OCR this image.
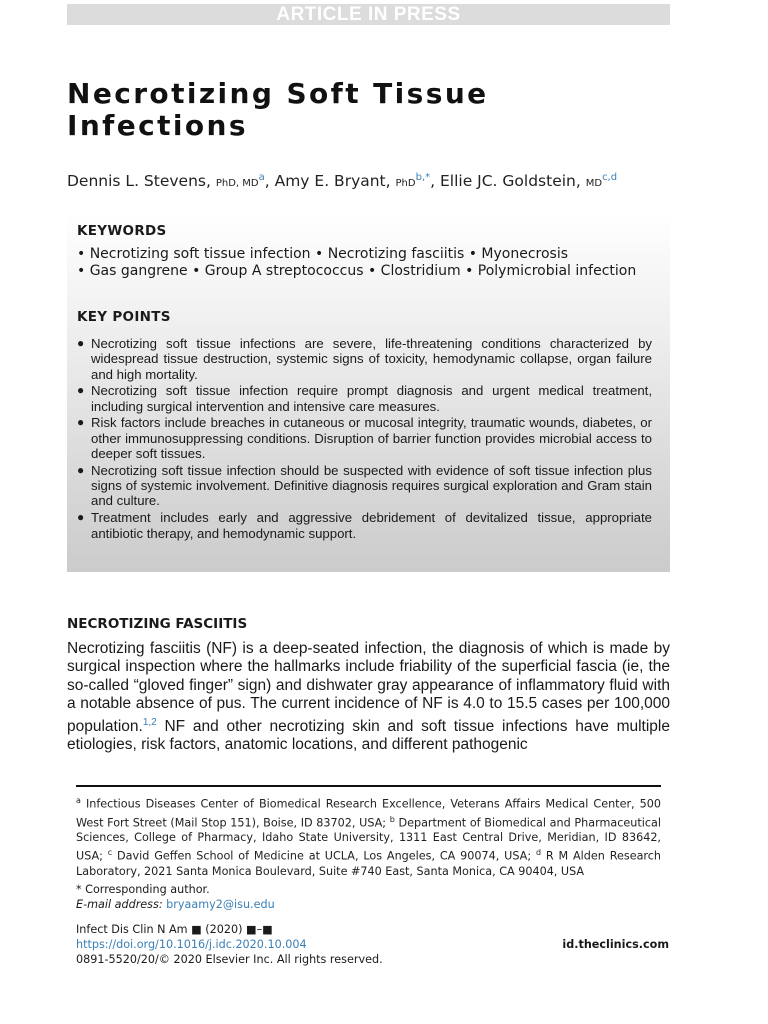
ARTICLE IN PRESS
Necrotizing Soft Tissue Infections
Dennis L. Stevens, PhD, $MD^a$, Amy E. Bryant, PhD$^{b,*}$, Ellie JC. Goldstein, MD$^{c,d}$
KEYWORDS
• Necrotizing soft tissue infection • Necrotizing fasciitis • Myonecrosis
• Gas gangrene • Group A streptococcus • Clostridium • Polymicrobial infection
KEY POINTS
● Necrotizing soft tissue infections are severe, life-threatening conditions characterized by widespread tissue destruction, systemic signs of toxicity, hemodynamic collapse, organ failure and high mortality.
● Necrotizing soft tissue infection require prompt diagnosis and urgent medical treatment, including surgical intervention and intensive care measures.
● Risk factors include breaches in cutaneous or mucosal integrity, traumatic wounds, diabetes, or other immunosuppressing conditions. Disruption of barrier function provides microbial access to deeper soft tissues.
● Necrotizing soft tissue infection should be suspected with evidence of soft tissue infection plus signs of systemic involvement. Definitive diagnosis requires surgical exploration and Gram stain and culture.
● Treatment includes early and aggressive debridement of devitalized tissue, appropriate antibiotic therapy, and hemodynamic support.
NECROTIZING FASCIITIS

Necrotizing fasciitis (NF) is a deep-seated infection, the diagnosis of which is made by surgical inspection where the hallmarks include friability of the superficial fascia (ie, the so-called “gloved finger” sign) and dishwater gray appearance of inflammatory fluid with a notable absence of pus. The current incidence of NF is 4.0 to 15.5 cases per 100,000 population.$^{1,2}$ NF and other necrotizing skin and soft tissue infections have multiple etiologies, risk factors, anatomic locations, and different pathogenic

$^a$ Infectious Diseases Center of Biomedical Research Excellence, Veterans Affairs Medical Center, 500 West Fort Street (Mail Stop 151), Boise, ID 83702, USA; $^b$ Department of Biomedical and Pharmaceutical Sciences, College of Pharmacy, Idaho State University, 1311 East Central Drive, Meridian, ID 83642, USA; $^c$ David Geffen School of Medicine at UCLA, Los Angeles, CA 90074, USA; $^d$ R M Alden Research Laboratory, 2021 Santa Monica Boulevard, Suite #740 East, Santa Monica, CA 90404, USA

* Corresponding author.
E-mail address: bryaamy2@isu.edu
Infect Dis Clin N Am ■ (2020) ■–■
https://doi.org/10.1016/j.idc.2020.10.004	id.theclinics.com
0891-5520/20/© 2020 Elsevier Inc. All rights reserved.
